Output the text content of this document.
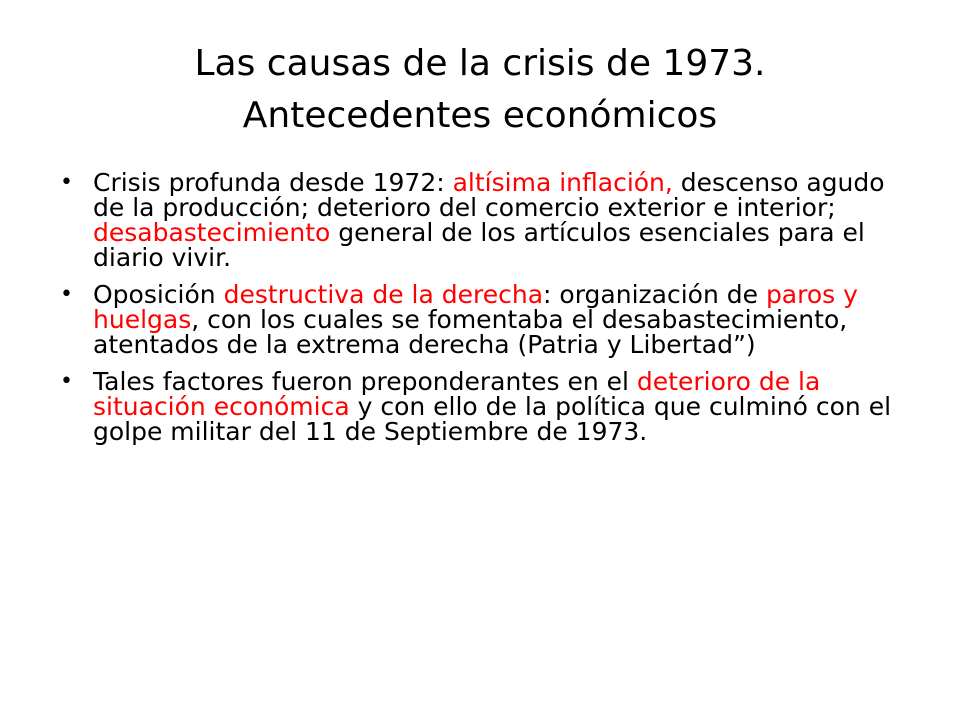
Las causas de la crisis de 1973.
Antecedentes económicos
• Crisis profunda desde 1972: altísima inflación, descenso agudo de la producción; deterioro del comercio exterior e interior; desabastecimiento general de los artículos esenciales para el diario vivir.
• Oposición destructiva de la derecha: organización de paros y huelgas, con los cuales se fomentaba el desabastecimiento, atentados de la extrema derecha (Patria y Libertad”)
• Tales factores fueron preponderantes en el deterioro de la situación económica y con ello de la política que culminó con el golpe militar del 11 de Septiembre de 1973.
